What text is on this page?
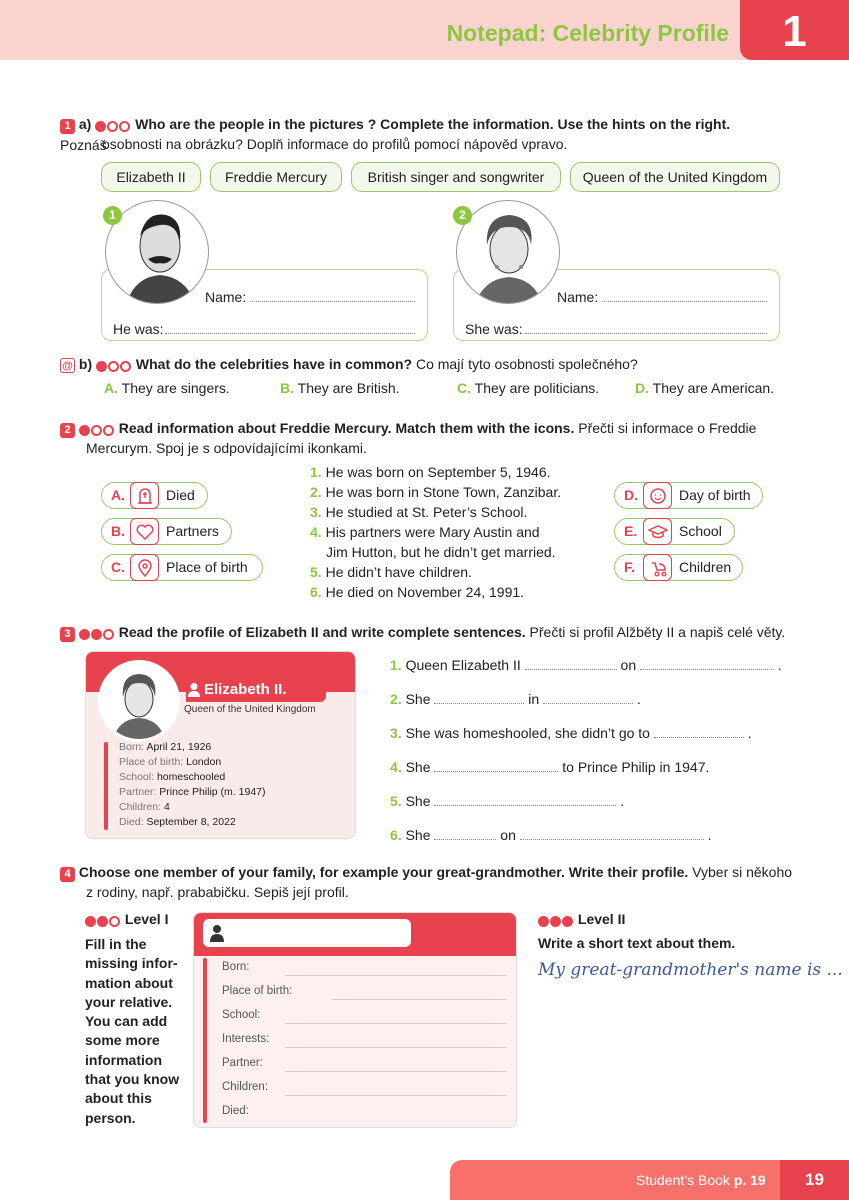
Notepad: Celebrity Profile	1
1 a)	Who are the people in the pictures ? Complete the information. Use the hints on the right. Poznáš
osobnosti na obrázku? Doplň informace do profilů pomocí nápověd vpravo.
Elizabeth II	Freddie Mercury	British singer and songwriter	Queen of the United Kingdom
1
Name:
He was:
2
Name:
She was:
@ b)	What do the celebrities have in common? Co mají tyto osobnosti společného?
A. They are singers.	B. They are British.	C. They are politicians.	D. They are American.
2	Read information about Freddie Mercury. Match them with the icons. Přečti si informace o Freddie
Mercurym. Spoj je s odpovídajícími ikonkami.
A.	Died
B.	Partners
C.	Place of birth
D.	Day of birth
E.	School
F.	Children
1. He was born on September 5, 1946.
2. He was born in Stone Town, Zanzibar.
3. He studied at St. Peter’s School.
4. His partners were Mary Austin and
Jim Hutton, but he didn’t get married.
5. He didn’t have children.
6. He died on November 24, 1991.
3	Read the profile of Elizabeth II and write complete sentences. Přečti si profil Alžběty II a napiš celé věty.
Elizabeth II.
Queen of the United Kingdom
Born: April 21, 1926
Place of birth: London
School: homeschooled
Partner: Prince Philip (m. 1947)
Children: 4
Died: September 8, 2022
1. Queen Elizabeth II	on	.
2. She	in	.
3. She was homeshooled, she didn’t go to	.
4. She	to Prince Philip in 1947.
5. She	.
6. She	on	.
4 Choose one member of your family, for example your great-grandmother. Write their profile. Vyber si někoho
z rodiny, např. prababičku. Sepiš její profil.
Level I
Fill in the
missing infor-
mation about
your relative.
You can add
some more
information
that you know
about this
person.
Born:
Place of birth:
School:
Interests:
Partner:
Children:
Died:
Level II
Write a short text about them.
My great-grandmother's name is ...
Student’s Book p. 19	19
